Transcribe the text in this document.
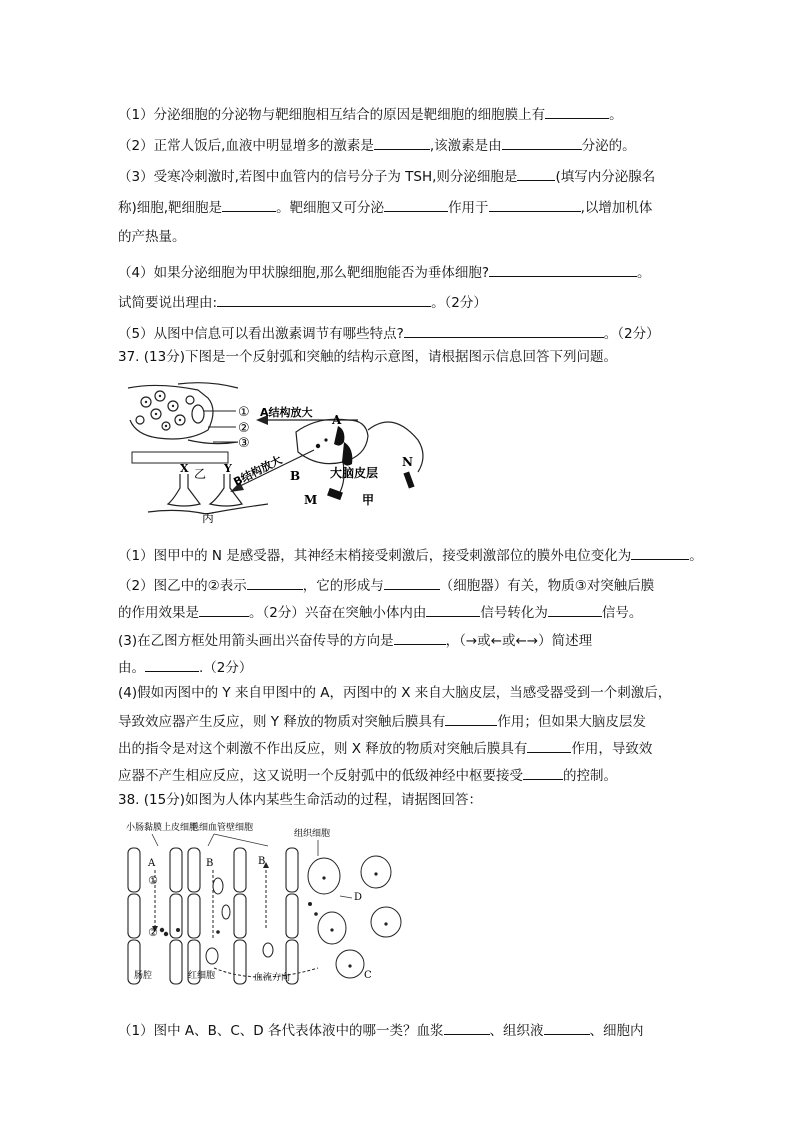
（1）分泌细胞的分泌物与靶细胞相互结合的原因是靶细胞的细胞膜上有	。
（2）正常人饭后,血液中明显增多的激素是	,该激素是由	分泌的。
（3）受寒冷刺激时,若图中血管内的信号分子为 TSH,则分泌细胞是	(填写内分泌腺名
称)细胞,靶细胞是	。靶细胞又可分泌	作用于	,以增加机体
的产热量。
（4）如果分泌细胞为甲状腺细胞,那么靶细胞能否为垂体细胞?	。
试简要说出理由:	。（2分）
（5）从图中信息可以看出激素调节有哪些特点?	。（2分）
37. (13分)下图是一个反射弧和突触的结构示意图，请根据图示信息回答下列问题。
①
②
③
乙
X	Y
丙
A结构放大
B结构放大
A
B 大脑皮层
N
M	甲
（1）图甲中的 N 是感受器，其神经末梢接受刺激后，接受刺激部位的膜外电位变化为	。
（2）图乙中的②表示	，它的形成与	（细胞器）有关，物质③对突触后膜
的作用效果是	。（2分）兴奋在突触小体内由	信号转化为	信号。
(3)在乙图方框处用箭头画出兴奋传导的方向是	，（→或←或←→）简述理
由。	.（2分）
(4)假如丙图中的 Y 来自甲图中的 A，丙图中的 X 来自大脑皮层，当感受器受到一个刺激后，
导致效应器产生反应，则 Y 释放的物质对突触后膜具有	作用；但如果大脑皮层发
出的指令是对这个刺激不作出反应，则 X 释放的物质对突触后膜具有	作用，导致效
应器不产生相应反应，这又说明一个反射弧中的低级神经中枢要接受	的控制。
38. (15分)如图为人体内某些生命活动的过程，请据图回答：
小肠黏膜上皮细胞
毛细血管壁细胞
组织细胞
A	B	B
D
C
①
②
肠腔	红细胞	血流方向
（1）图中 A、B、C、D 各代表体液中的哪一类？血浆	、组织液	、细胞内
